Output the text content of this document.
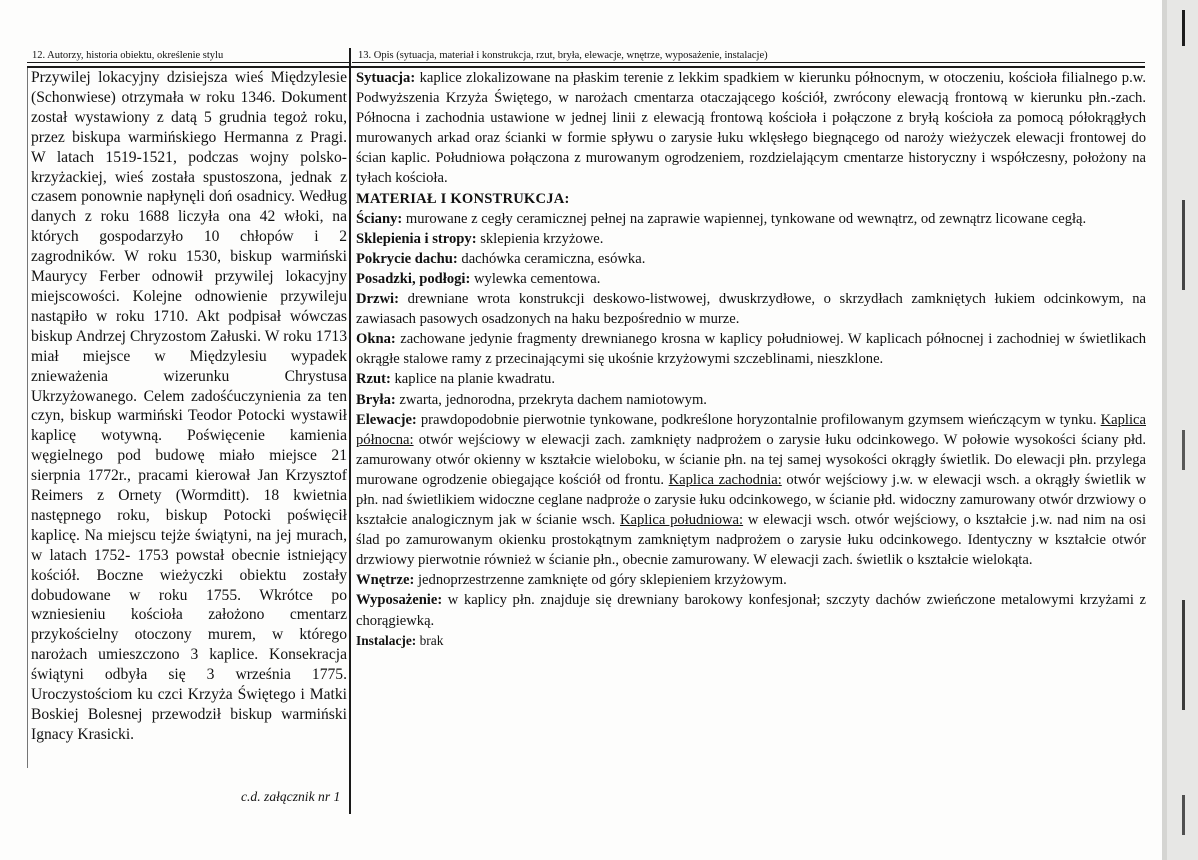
12. Autorzy, historia obiektu, określenie stylu	13. Opis (sytuacja, materiał i konstrukcja, rzut, bryła, elewacje, wnętrze, wyposażenie, instalacje)

Przywilej lokacyjny dzisiejsza wieś Międzylesie (Schonwiese) otrzymała w roku 1346. Dokument został wystawiony z datą 5 grudnia tegoż roku, przez biskupa warmińskiego Hermanna z Pragi. W latach 1519-1521, podczas wojny polsko-krzyżackiej, wieś została spustoszona, jednak z czasem ponownie napłynęli doń osadnicy. Według danych z roku 1688 liczyła ona 42 włoki, na których gospodarzyło 10 chłopów i 2 zagrodników. W roku 1530, biskup warmiński Maurycy Ferber odnowił przywilej lokacyjny miejscowości. Kolejne odnowienie przywileju nastąpiło w roku 1710. Akt podpisał wówczas biskup Andrzej Chryzostom Załuski. W roku 1713 miał miejsce w Międzylesiu wypadek znieważenia wizerunku Chrystusa Ukrzyżowanego. Celem zadośćuczynienia za ten czyn, biskup warmiński Teodor Potocki wystawił kaplicę wotywną. Poświęcenie kamienia węgielnego pod budowę miało miejsce 21 sierpnia 1772r., pracami kierował Jan Krzysztof Reimers z Ornety (Wormditt). 18 kwietnia następnego roku, biskup Potocki poświęcił kaplicę. Na miejscu tejże świątyni, na jej murach, w latach 1752- 1753 powstał obecnie istniejący kościół. Boczne wieżyczki obiektu zostały dobudowane w roku 1755. Wkrótce po wzniesieniu kościoła założono cmentarz przykościelny otoczony murem, w którego narożach umieszczono 3 kaplice. Konsekracja świątyni odbyła się 3 września 1775. Uroczystościom ku czci Krzyża Świętego i Matki Boskiej Bolesnej przewodził biskup warmiński Ignacy Krasicki.

Sytuacja: kaplice zlokalizowane na płaskim terenie z lekkim spadkiem w kierunku północnym, w otoczeniu, kościoła filialnego p.w. Podwyższenia Krzyża Świętego, w narożach cmentarza otaczającego kościół, zwrócony elewacją frontową w kierunku płn.-zach. Północna i zachodnia ustawione w jednej linii z elewacją frontową kościoła i połączone z bryłą kościoła za pomocą półokrągłych murowanych arkad oraz ścianki w formie spływu o zarysie łuku wklęsłego biegnącego od naroży wieżyczek elewacji frontowej do ścian kaplic. Południowa połączona z murowanym ogrodzeniem, rozdzielającym cmentarze historyczny i współczesny, położony na tyłach kościoła.

MATERIAŁ I KONSTRUKCJA:

Ściany: murowane z cegły ceramicznej pełnej na zaprawie wapiennej, tynkowane od wewnątrz, od zewnątrz licowane cegłą.

Sklepienia i stropy: sklepienia krzyżowe.

Pokrycie dachu: dachówka ceramiczna, esówka.

Posadzki, podłogi: wylewka cementowa.

Drzwi: drewniane wrota konstrukcji deskowo-listwowej, dwuskrzydłowe, o skrzydłach zamkniętych łukiem odcinkowym, na zawiasach pasowych osadzonych na haku bezpośrednio w murze.

Okna: zachowane jedynie fragmenty drewnianego krosna w kaplicy południowej. W kaplicach północnej i zachodniej w świetlikach okrągłe stalowe ramy z przecinającymi się ukośnie krzyżowymi szczeblinami, nieszklone.

Rzut: kaplice na planie kwadratu.

Bryła: zwarta, jednorodna, przekryta dachem namiotowym.

Elewacje: prawdopodobnie pierwotnie tynkowane, podkreślone horyzontalnie profilowanym gzymsem wieńczącym w tynku. Kaplica północna: otwór wejściowy w elewacji zach. zamknięty nadprożem o zarysie łuku odcinkowego. W połowie wysokości ściany płd. zamurowany otwór okienny w kształcie wieloboku, w ścianie płn. na tej samej wysokości okrągły świetlik. Do elewacji płn. przylega murowane ogrodzenie obiegające kościół od frontu. Kaplica zachodnia: otwór wejściowy j.w. w elewacji wsch. a okrągły świetlik w płn. nad świetlikiem widoczne ceglane nadproże o zarysie łuku odcinkowego, w ścianie płd. widoczny zamurowany otwór drzwiowy o kształcie analogicznym jak w ścianie wsch. Kaplica południowa: w elewacji wsch. otwór wejściowy, o kształcie j.w. nad nim na osi ślad po zamurowanym okienku prostokątnym zamkniętym nadprożem o zarysie łuku odcinkowego. Identyczny w kształcie otwór drzwiowy pierwotnie również w ścianie płn., obecnie zamurowany. W elewacji zach. świetlik o kształcie wielokąta.

Wnętrze: jednoprzestrzenne zamknięte od góry sklepieniem krzyżowym.

Wyposażenie: w kaplicy płn. znajduje się drewniany barokowy konfesjonał; szczyty dachów zwieńczone metalowymi krzyżami z chorągiewką.

Instalacje: brak

c.d. załącznik nr 1
